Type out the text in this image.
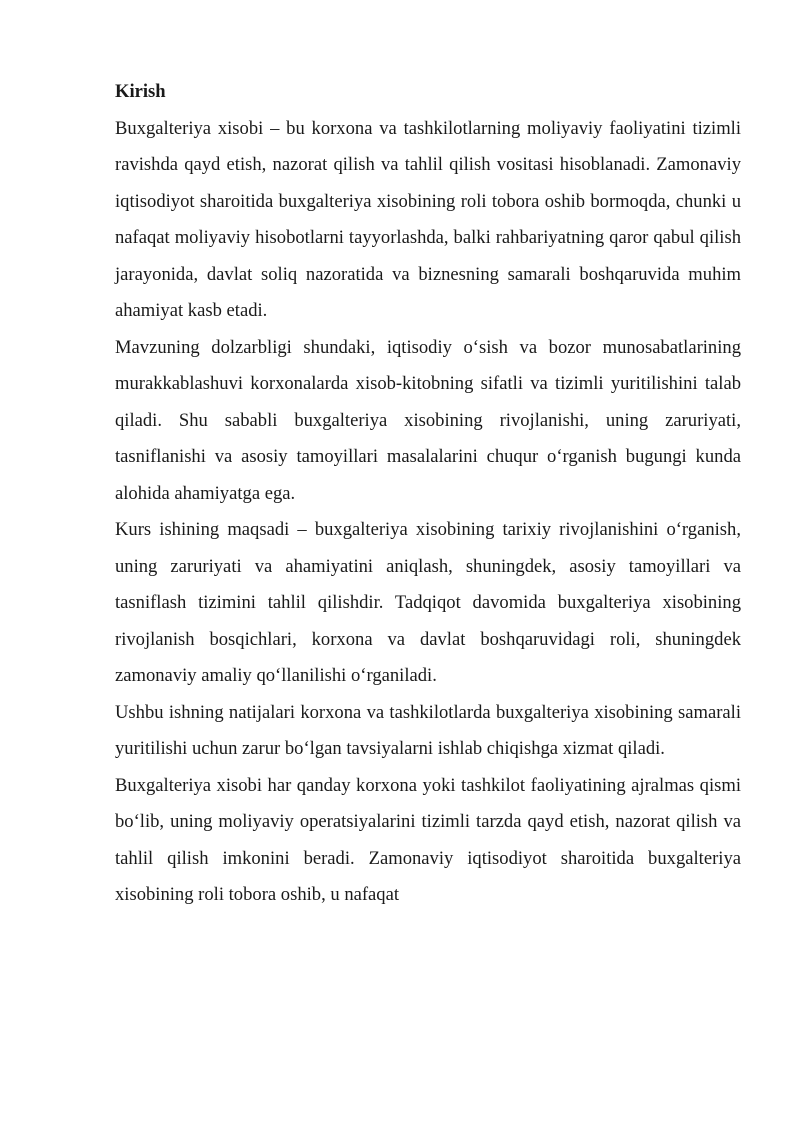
Kirish

Buxgalteriya xisobi – bu korxona va tashkilotlarning moliyaviy faoliyatini tizimli ravishda qayd etish, nazorat qilish va tahlil qilish vositasi hisoblanadi. Zamonaviy iqtisodiyot sharoitida buxgalteriya xisobining roli tobora oshib bormoqda, chunki u nafaqat moliyaviy hisobotlarni tayyorlashda, balki rahbariyatning qaror qabul qilish jarayonida, davlat soliq nazoratida va biznesning samarali boshqaruvida muhim ahamiyat kasb etadi.

Mavzuning dolzarbligi shundaki, iqtisodiy o‘sish va bozor munosabatlarining murakkablashuvi korxonalarda xisob-kitobning sifatli va tizimli yuritilishini talab qiladi. Shu sababli buxgalteriya xisobining rivojlanishi, uning zaruriyati, tasniflanishi va asosiy tamoyillari masalalarini chuqur o‘rganish bugungi kunda alohida ahamiyatga ega.

Kurs ishining maqsadi – buxgalteriya xisobining tarixiy rivojlanishini o‘rganish, uning zaruriyati va ahamiyatini aniqlash, shuningdek, asosiy tamoyillari va tasniflash tizimini tahlil qilishdir. Tadqiqot davomida buxgalteriya xisobining rivojlanish bosqichlari, korxona va davlat boshqaruvidagi roli, shuningdek zamonaviy amaliy qo‘llanilishi o‘rganiladi.

Ushbu ishning natijalari korxona va tashkilotlarda buxgalteriya xisobining samarali yuritilishi uchun zarur bo‘lgan tavsiyalarni ishlab chiqishga xizmat qiladi.

Buxgalteriya xisobi har qanday korxona yoki tashkilot faoliyatining ajralmas qismi bo‘lib, uning moliyaviy operatsiyalarini tizimli tarzda qayd etish, nazorat qilish va tahlil qilish imkonini beradi. Zamonaviy iqtisodiyot sharoitida buxgalteriya xisobining roli tobora oshib, u nafaqat
